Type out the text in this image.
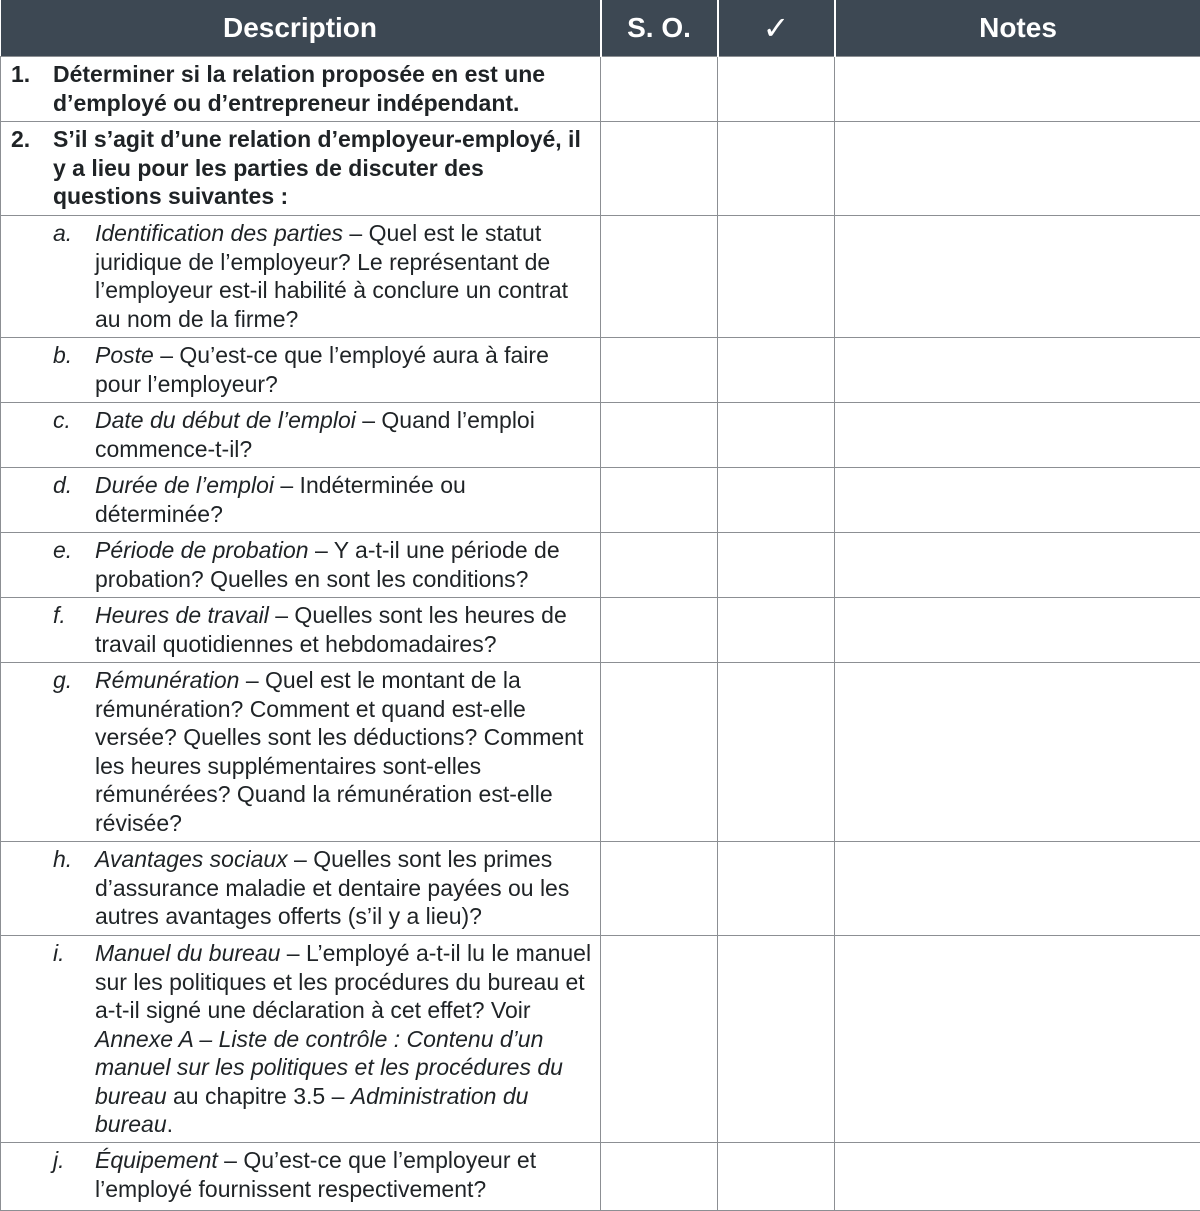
Description	S. O.	✓	Notes

1. Déterminer si la relation proposée en est une d’employé ou d’entrepreneur indépendant.			

2. S’il s’agit d’une relation d’employeur-employé, il y a lieu pour les parties de discuter des questions suivantes :			

a. Identification des parties – Quel est le statut juridique de l’employeur? Le représentant de l’employeur est-il habilité à conclure un contrat au nom de la firme?			

b. Poste – Qu’est-ce que l’employé aura à faire pour l’employeur?			

c. Date du début de l’emploi – Quand l’emploi commence-t-il?			

d. Durée de l’emploi – Indéterminée ou déterminée?			

e. Période de probation – Y a-t-il une période de probation? Quelles en sont les conditions?			

f. Heures de travail – Quelles sont les heures de travail quotidiennes et hebdomadaires?			

g. Rémunération – Quel est le montant de la rémunération? Comment et quand est-elle versée? Quelles sont les déductions? Comment les heures supplémentaires sont-elles rémunérées? Quand la rémunération est-elle révisée?			

h. Avantages sociaux – Quelles sont les primes d’assurance maladie et dentaire payées ou les autres avantages offerts (s’il y a lieu)?			

i. Manuel du bureau – L’employé a-t-il lu le manuel sur les politiques et les procédures du bureau et a-t-il signé une déclaration à cet effet? Voir Annexe A – Liste de contrôle : Contenu d’un manuel sur les politiques et les procédures du bureau au chapitre 3.5 – Administration du bureau.			

j. Équipement – Qu’est-ce que l’employeur et l’employé fournissent respectivement?			
